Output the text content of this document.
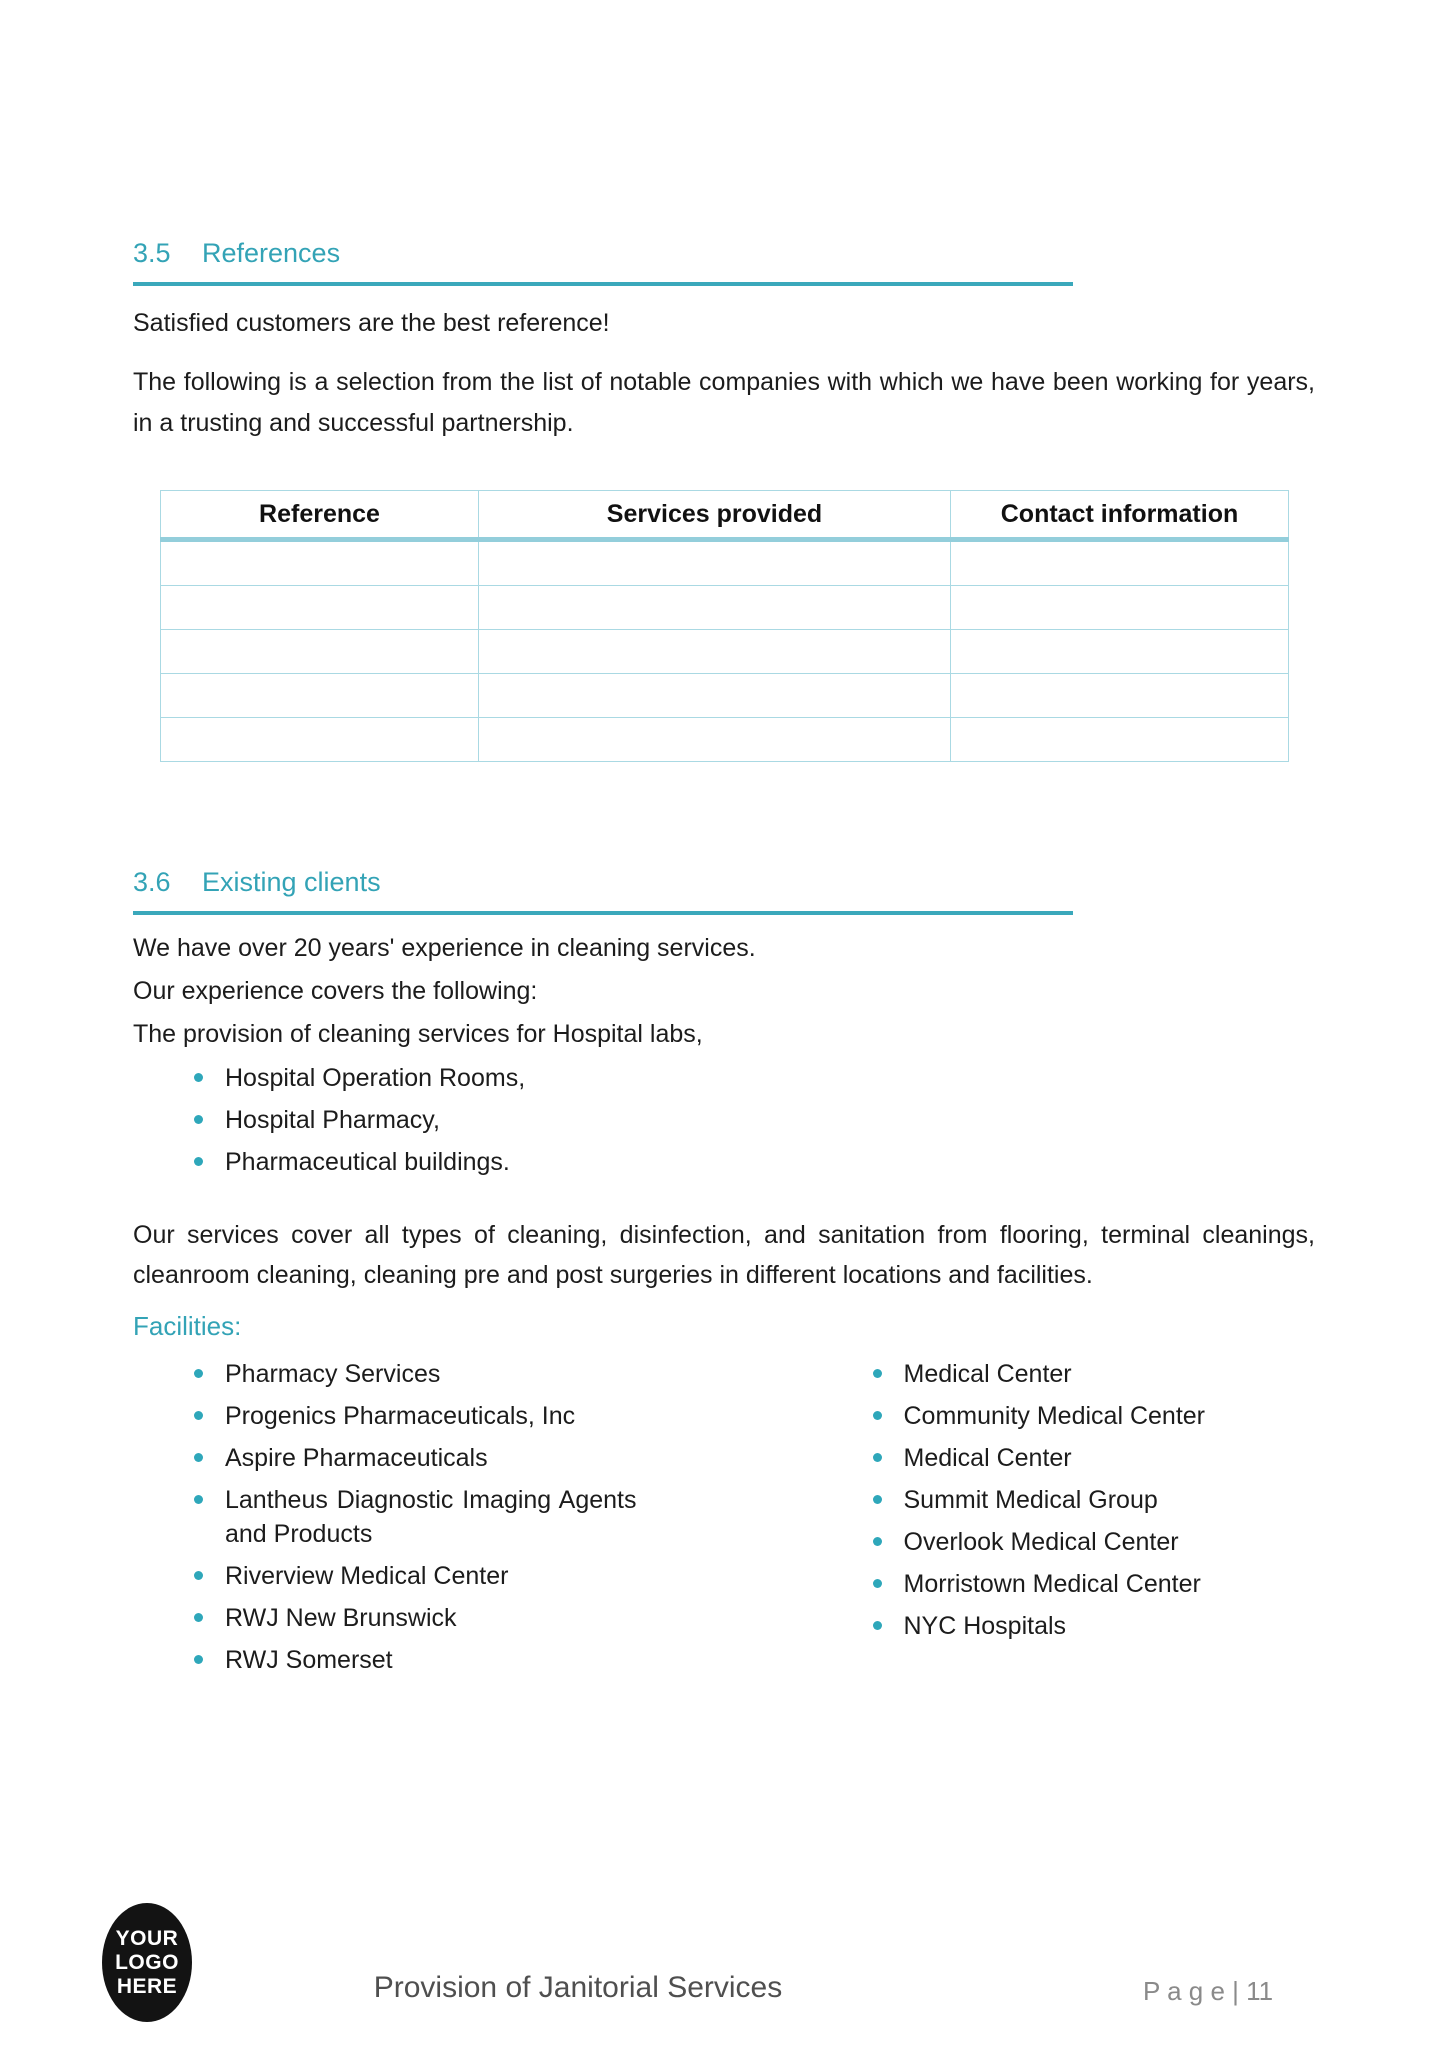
3.5	References

Satisfied customers are the best reference!

The following is a selection from the list of notable companies with which we have been working for years, in a trusting and successful partnership.

Reference	Services provided	Contact information

3.6	Existing clients

We have over 20 years' experience in cleaning services.

Our experience covers the following:

The provision of cleaning services for Hospital labs,

Hospital Operation Rooms,
Hospital Pharmacy,
Pharmaceutical buildings.

Our services cover all types of cleaning, disinfection, and sanitation from flooring, terminal cleanings, cleanroom cleaning, cleaning pre and post surgeries in different locations and facilities.

Facilities:
Pharmacy Services
Progenics Pharmaceuticals, Inc
Aspire Pharmaceuticals
Lantheus Diagnostic Imaging Agents and Products
Riverview Medical Center
RWJ New Brunswick
RWJ Somerset
Medical Center
Community Medical Center
Medical Center
Summit Medical Group
Overlook Medical Center
Morristown Medical Center
NYC Hospitals
YOUR
LOGO
HERE	Provision of Janitorial Services	P a g e | 11
